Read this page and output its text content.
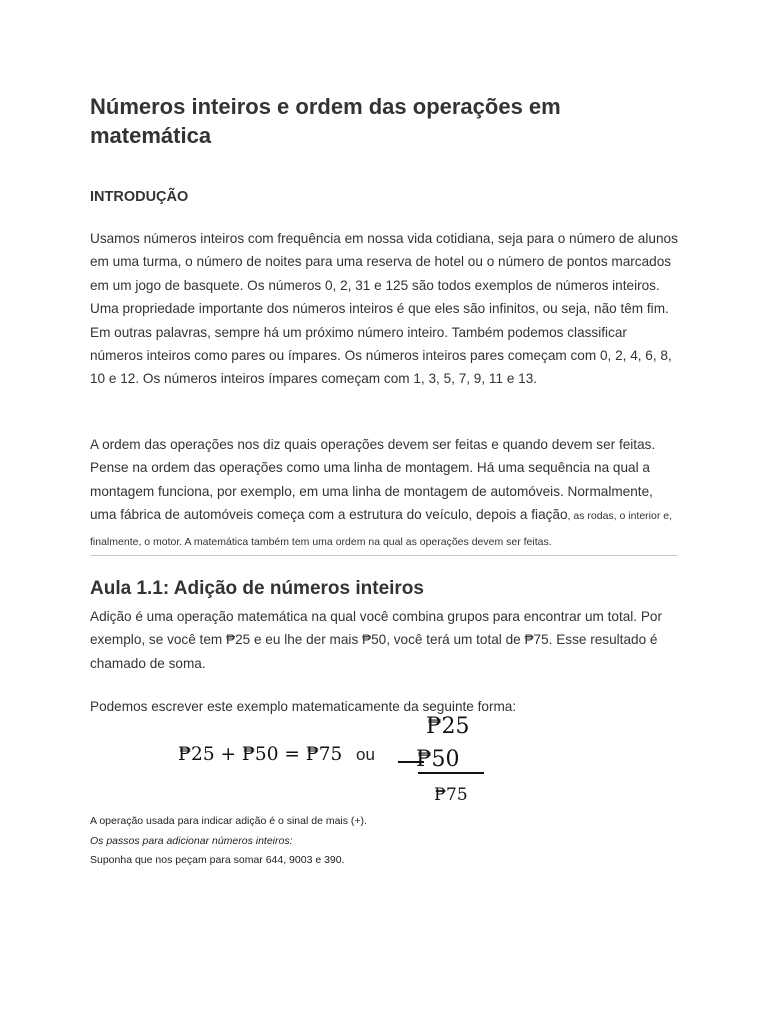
Números inteiros e ordem das operações em matemática
INTRODUÇÃO

Usamos números inteiros com frequência em nossa vida cotidiana, seja para o número de alunos em uma turma, o número de noites para uma reserva de hotel ou o número de pontos marcados em um jogo de basquete. Os números 0, 2, 31 e 125 são todos exemplos de números inteiros. Uma propriedade importante dos números inteiros é que eles são infinitos, ou seja, não têm fim. Em outras palavras, sempre há um próximo número inteiro. Também podemos classificar números inteiros como pares ou ímpares. Os números inteiros pares começam com 0, 2, 4, 6, 8, 10 e 12. Os números inteiros ímpares começam com 1, 3, 5, 7, 9, 11 e 13.

A ordem das operações nos diz quais operações devem ser feitas e quando devem ser feitas. Pense na ordem das operações como uma linha de montagem. Há uma sequência na qual a montagem funciona, por exemplo, em uma linha de montagem de automóveis. Normalmente, uma fábrica de automóveis começa com a estrutura do veículo, depois a fiação, as rodas, o interior e, finalmente, o motor. A matemática também tem uma ordem na qual as operações devem ser feitas.

Aula 1.1: Adição de números inteiros

Adição é uma operação matemática na qual você combina grupos para encontrar um total. Por exemplo, se você tem ₱25 e eu lhe der mais ₱50, você terá um total de ₱75. Esse resultado é chamado de soma.

Podemos escrever este exemplo matematicamente da seguinte forma:

₱25 + ₱50 = ₱75 ou
₱25
₱50
₱75

A operação usada para indicar adição é o sinal de mais (+).

Os passos para adicionar números inteiros:

Suponha que nos peçam para somar 644, 9003 e 390.
